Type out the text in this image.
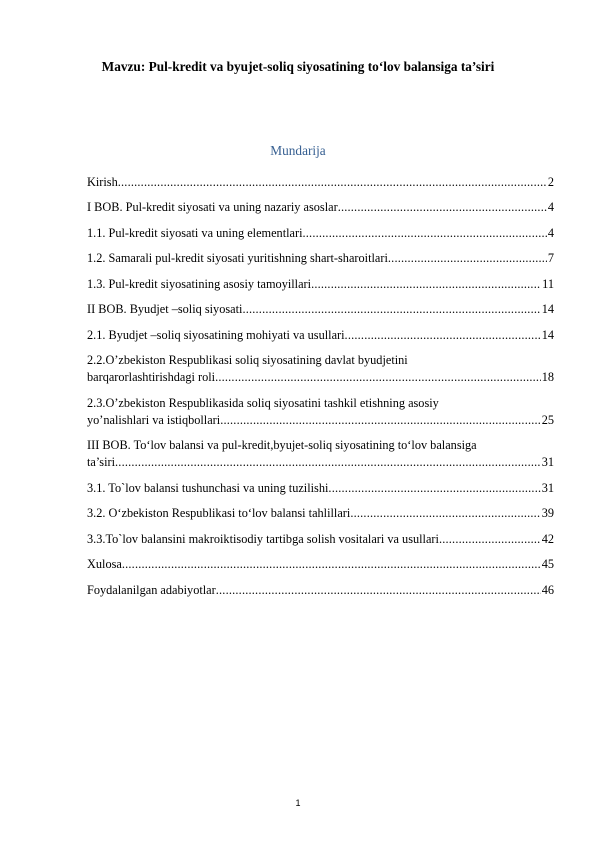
Mavzu: Pul-kredit va byujet-soliq siyosatining to‘lov balansiga ta’siri
Mundarija
Kirish .....	2
I BOB. Pul-kredit siyosati va uning nazariy asoslar .....	4
1.1. Pul-kredit siyosati va uning elementlari .....	4
1.2. Samarali pul-kredit siyosati yuritishning shart-sharoitlari .....	7
1.3. Pul-kredit siyosatining asosiy tamoyillari .....	11
II BOB. Byudjet –soliq siyosati .....	14
2.1. Byudjet –soliq siyosatining mohiyati va usullari .....	14
2.2.O’zbekiston Respublikasi soliq siyosatining davlat byudjetini
barqarorlashtirishdagi roli .....	18
2.3.O’zbekiston Respublikasida soliq siyosatini tashkil etishning asosiy
yo’nalishlari va istiqbollari .....	25
III BOB. To‘lov balansi va pul-kredit,byujet-soliq siyosatining to‘lov balansiga
ta’siri .....	31
3.1. To`lov balansi tushunchasi va uning tuzilishi .....	31
3.2. O‘zbekiston Respublikasi to‘lov balansi tahlillari .....	39
3.3.To`lov balansini makroiktisodiy tartibga solish vositalari va usullari .....	42
Xulosa .....	45
Foydalanilgan adabiyotlar .....	46
1
